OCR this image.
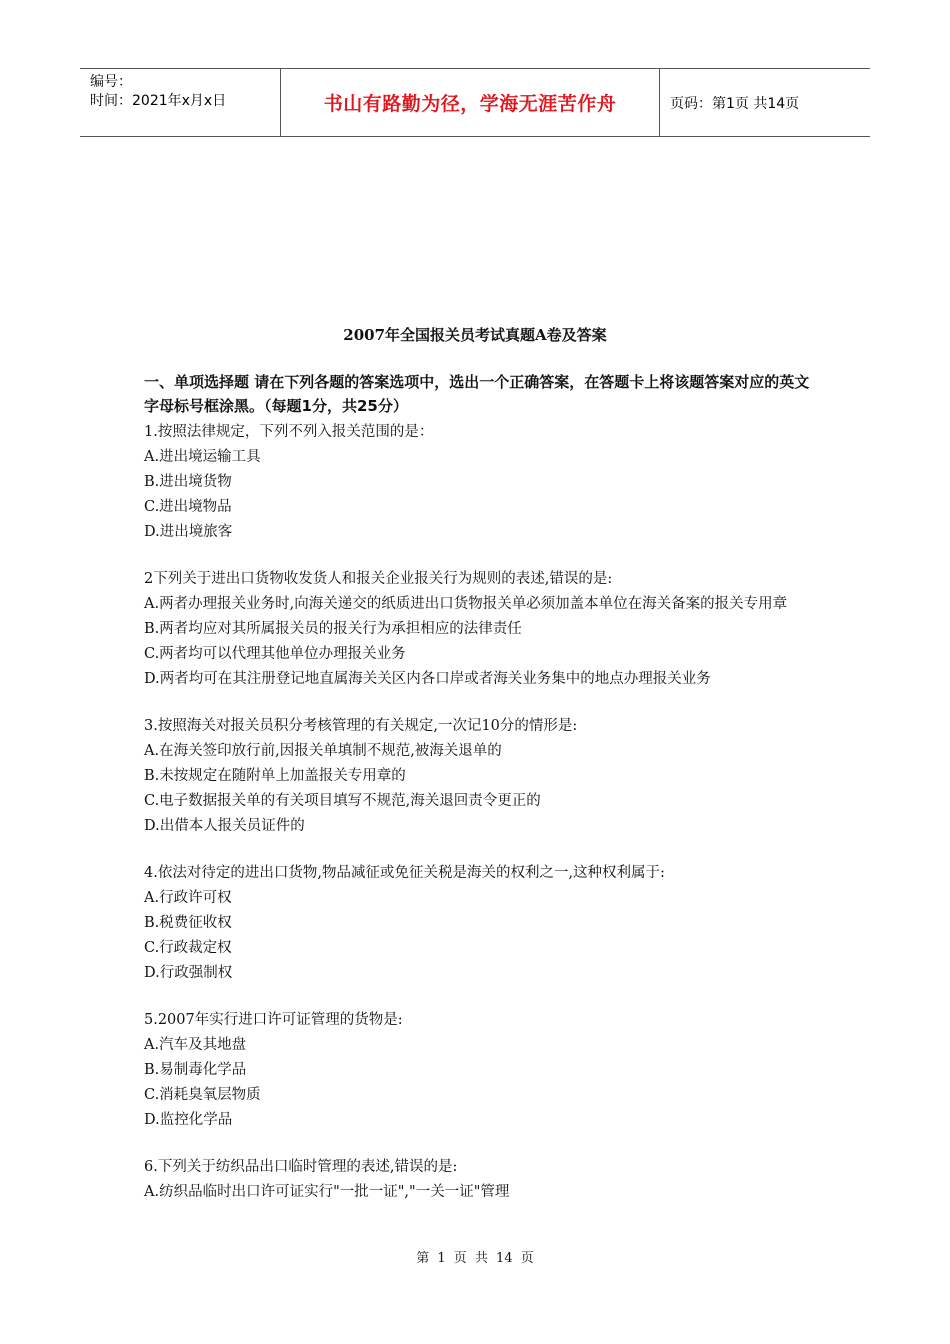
编号：
时间：2021年x月x日	书山有路勤为径，学海无涯苦作舟	页码：第1页 共14页
2007年全国报关员考试真题A卷及答案
一、单项选择题 请在下列各题的答案选项中，选出一个正确答案，在答题卡上将该题答案对应的英文字母标号框涂黑。（每题1分，共25分）

1.按照法律规定，下列不列入报关范围的是：

A.进出境运输工具

B.进出境货物

C.进出境物品

D.进出境旅客

2下列关于进出口货物收发货人和报关企业报关行为规则的表述,错误的是:

A.两者办理报关业务时,向海关递交的纸质进出口货物报关单必须加盖本单位在海关备案的报关专用章

B.两者均应对其所属报关员的报关行为承担相应的法律责任

C.两者均可以代理其他单位办理报关业务

D.两者均可在其注册登记地直属海关关区内各口岸或者海关业务集中的地点办理报关业务

3.按照海关对报关员积分考核管理的有关规定,一次记10分的情形是:

A.在海关签印放行前,因报关单填制不规范,被海关退单的

B.未按规定在随附单上加盖报关专用章的

C.电子数据报关单的有关项目填写不规范,海关退回责令更正的

D.出借本人报关员证件的

4.依法对待定的进出口货物,物品减征或免征关税是海关的权利之一,这种权利属于:

A.行政许可权

B.税费征收权

C.行政裁定权

D.行政强制权

5.2007年实行进口许可证管理的货物是:

A.汽车及其地盘

B.易制毒化学品

C.消耗臭氧层物质

D.监控化学品

6.下列关于纺织品出口临时管理的表述,错误的是:

A.纺织品临时出口许可证实行"一批一证","一关一证"管理

第 1 页 共 14 页
